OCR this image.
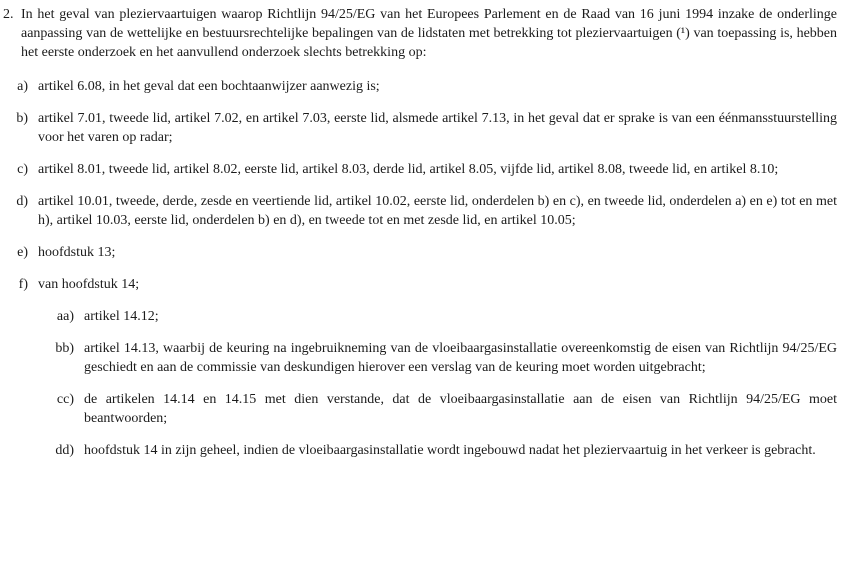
2. In het geval van pleziervaartuigen waarop Richtlijn 94/25/EG van het Europees Parlement en de Raad van 16 juni 1994 inzake de onderlinge aanpassing van de wettelijke en bestuursrechtelijke bepalingen van de lidstaten met betrekking tot pleziervaartuigen (¹) van toepassing is, hebben het eerste onderzoek en het aanvullend onderzoek slechts betrekking op:
a) artikel 6.08, in het geval dat een bochtaanwijzer aanwezig is;
b) artikel 7.01, tweede lid, artikel 7.02, en artikel 7.03, eerste lid, alsmede artikel 7.13, in het geval dat er sprake is van een éénmansstuurstelling voor het varen op radar;
c) artikel 8.01, tweede lid, artikel 8.02, eerste lid, artikel 8.03, derde lid, artikel 8.05, vijfde lid, artikel 8.08, tweede lid, en artikel 8.10;
d) artikel 10.01, tweede, derde, zesde en veertiende lid, artikel 10.02, eerste lid, onderdelen b) en c), en tweede lid, onderdelen a) en e) tot en met h), artikel 10.03, eerste lid, onderdelen b) en d), en tweede tot en met zesde lid, en artikel 10.05;
e) hoofdstuk 13;
f) van hoofdstuk 14;
aa) artikel 14.12;
bb) artikel 14.13, waarbij de keuring na ingebruikneming van de vloeibaargasinstallatie overeenkomstig de eisen van Richtlijn 94/25/EG geschiedt en aan de commissie van deskundigen hierover een verslag van de keuring moet worden uitgebracht;
cc) de artikelen 14.14 en 14.15 met dien verstande, dat de vloeibaargasinstallatie aan de eisen van Richtlijn 94/25/EG moet beantwoorden;
dd) hoofdstuk 14 in zijn geheel, indien de vloeibaargasinstallatie wordt ingebouwd nadat het pleziervaartuig in het verkeer is gebracht.
